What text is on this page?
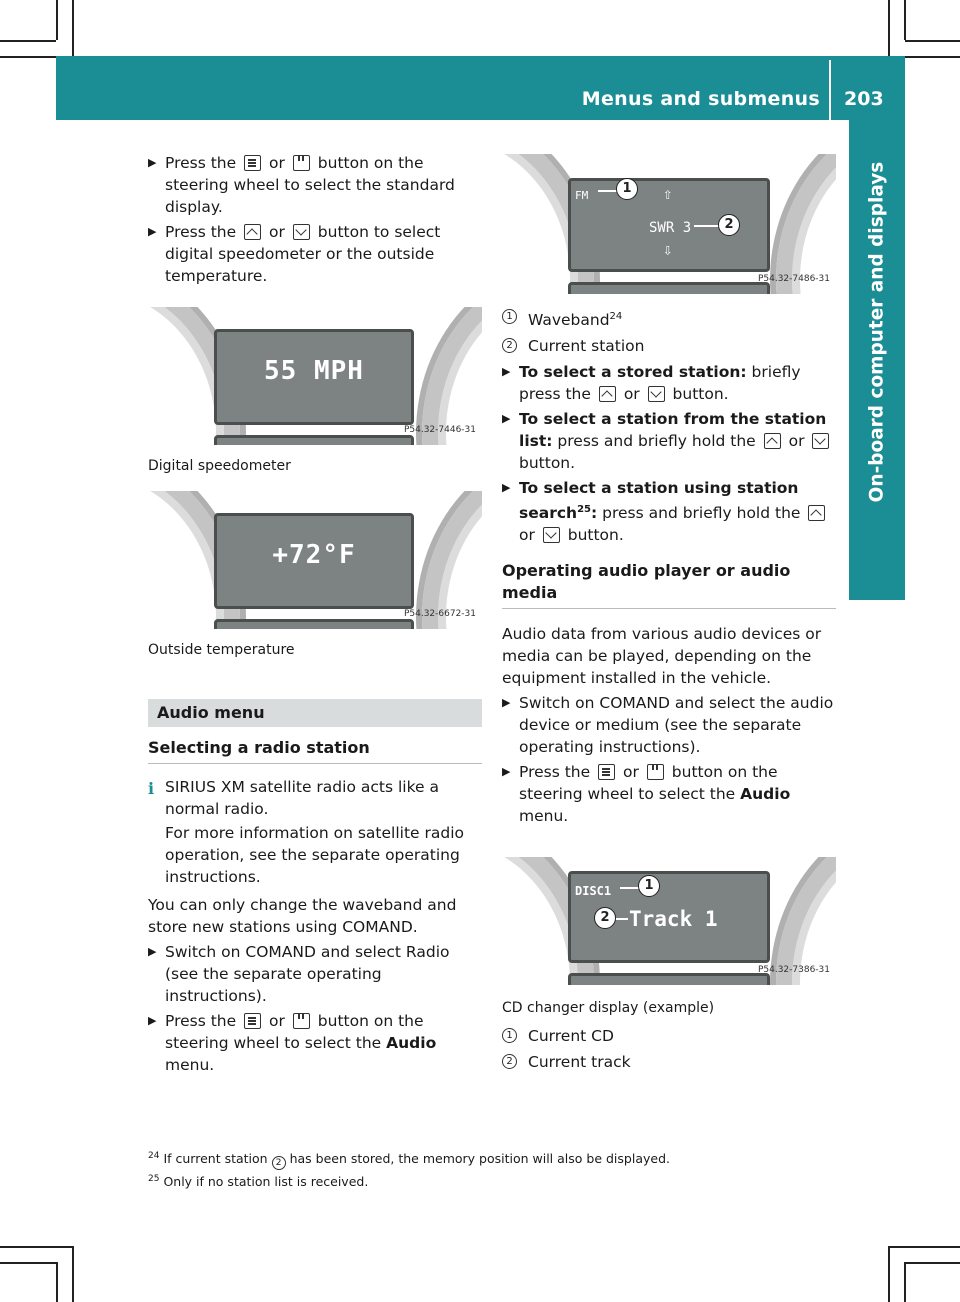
Menus and submenus 203
On-board computer and displays
▶ Press the or button on the steering wheel to select the standard display.
▶ Press the or button to select digital speedometer or the outside temperature.
55 MPH
P54.32-7446-31
Digital speedometer
+72°F
P54.32-6672-31
Outside temperature
Audio menu
Selecting a radio station
i SIRIUS XM satellite radio acts like a normal radio.
For more information on satellite radio operation, see the separate operating instructions.
You can only change the waveband and store new stations using COMAND.
▶ Switch on COMAND and select Radio (see the separate operating instructions).
▶ Press the or button on the steering wheel to select the Audio menu.
FM	⇧
SWR 3
⇩
1
2
P54.32-7486-31
1 Waveband$^{24}$
2 Current station
▶ To select a stored station: briefly press the or button.
▶ To select a station from the station list: press and briefly hold the or  button.
▶ To select a station using station search$^{25}$: press and briefly hold the  or button.
Operating audio player or audio media
Audio data from various audio devices or media can be played, depending on the equipment installed in the vehicle.
▶ Switch on COMAND and select the audio device or medium (see the separate operating instructions).
▶ Press the or button on the steering wheel to select the Audio menu.
DISC1
Track 1
1
2
P54.32-7386-31
CD changer display (example)
1 Current CD
2 Current track
$^{24}$ If current station 2 has been stored, the memory position will also be displayed.
$^{25}$ Only if no station list is received.
